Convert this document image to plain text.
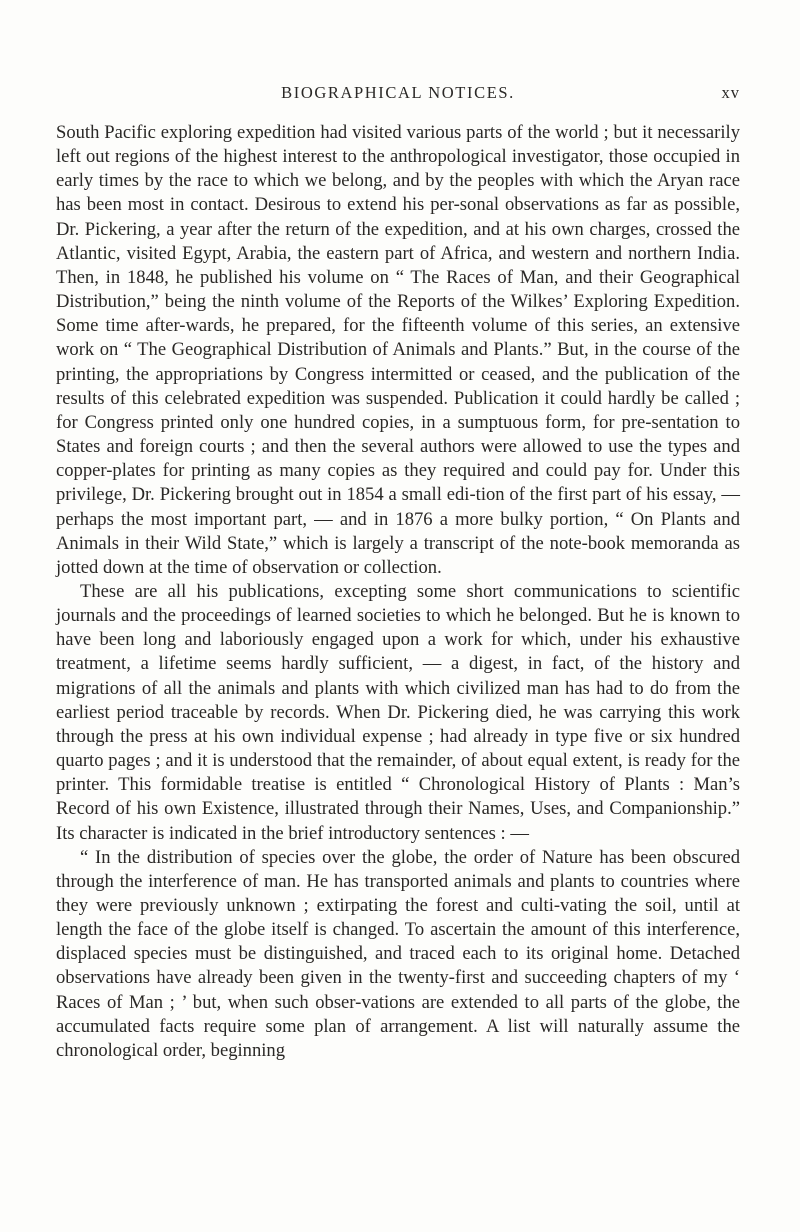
BIOGRAPHICAL NOTICES.	xv

South Pacific exploring expedition had visited various parts of the world ; but it necessarily left out regions of the highest interest to the anthropological investigator, those occupied in early times by the race to which we belong, and by the peoples with which the Aryan race has been most in contact. Desirous to extend his per-sonal observations as far as possible, Dr. Pickering, a year after the return of the expedition, and at his own charges, crossed the Atlantic, visited Egypt, Arabia, the eastern part of Africa, and western and northern India. Then, in 1848, he published his volume on “ The Races of Man, and their Geographical Distribution,” being the ninth volume of the Reports of the Wilkes’ Exploring Expedition. Some time after-wards, he prepared, for the fifteenth volume of this series, an extensive work on “ The Geographical Distribution of Animals and Plants.” But, in the course of the printing, the appropriations by Congress intermitted or ceased, and the publication of the results of this celebrated expedition was suspended. Publication it could hardly be called ; for Congress printed only one hundred copies, in a sumptuous form, for pre-sentation to States and foreign courts ; and then the several authors were allowed to use the types and copper-plates for printing as many copies as they required and could pay for. Under this privilege, Dr. Pickering brought out in 1854 a small edi-tion of the first part of his essay, — perhaps the most important part, — and in 1876 a more bulky portion, “ On Plants and Animals in their Wild State,” which is largely a transcript of the note-book memoranda as jotted down at the time of observation or collection.

These are all his publications, excepting some short communications to scientific journals and the proceedings of learned societies to which he belonged. But he is known to have been long and laboriously engaged upon a work for which, under his exhaustive treatment, a lifetime seems hardly sufficient, — a digest, in fact, of the history and migrations of all the animals and plants with which civilized man has had to do from the earliest period traceable by records. When Dr. Pickering died, he was carrying this work through the press at his own individual expense ; had already in type five or six hundred quarto pages ; and it is understood that the remainder, of about equal extent, is ready for the printer. This formidable treatise is entitled “ Chronological History of Plants : Man’s Record of his own Existence, illustrated through their Names, Uses, and Companionship.” Its character is indicated in the brief introductory sentences : —

“ In the distribution of species over the globe, the order of Nature has been obscured through the interference of man. He has transported animals and plants to countries where they were previously unknown ; extirpating the forest and culti-vating the soil, until at length the face of the globe itself is changed. To ascertain the amount of this interference, displaced species must be distinguished, and traced each to its original home. Detached observations have already been given in the twenty-first and succeeding chapters of my ‘ Races of Man ; ’ but, when such obser-vations are extended to all parts of the globe, the accumulated facts require some plan of arrangement. A list will naturally assume the chronological order, beginning
